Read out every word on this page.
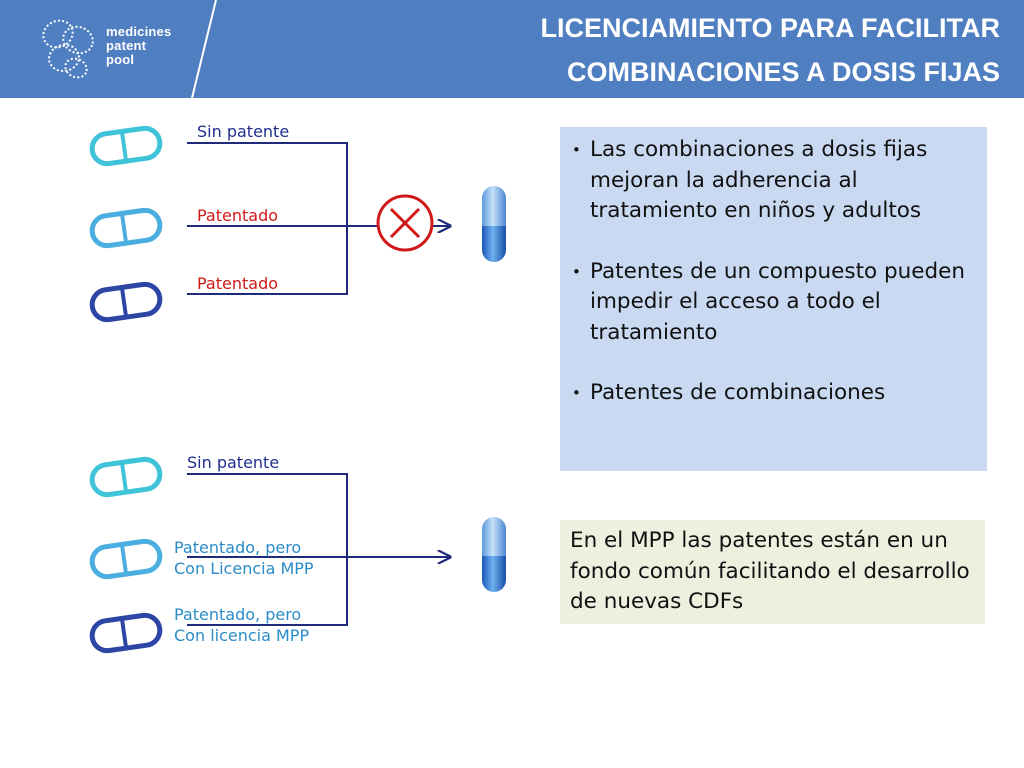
medicines
patent
pool
LICENCIAMIENTO PARA FACILITAR
COMBINACIONES A DOSIS FIJAS
Sin patente
Patentado
Patentado
Sin patente
Patentado, pero
Con Licencia MPP
Patentado, pero
Con licencia MPP
• Las combinaciones a dosis fijas mejoran la adherencia al tratamiento en niños y adultos
• Patentes de un compuesto pueden impedir el acceso a todo el tratamiento
• Patentes de combinaciones
En el MPP las patentes están en un fondo común facilitando el desarrollo de nuevas CDFs
